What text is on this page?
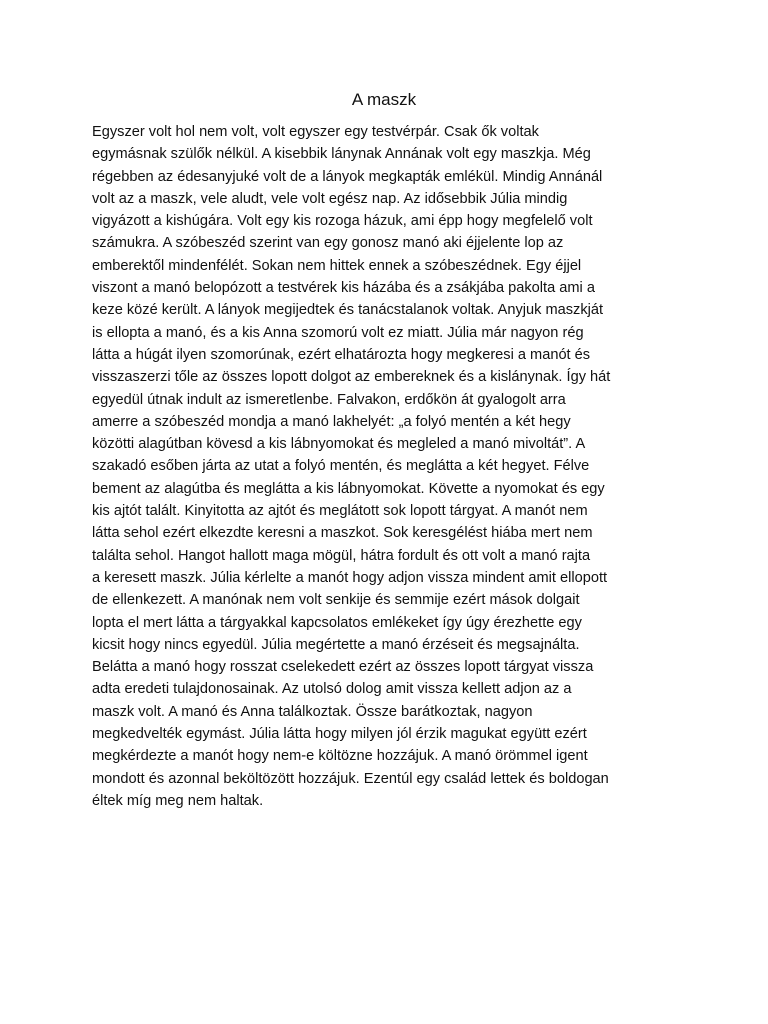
A maszk
Egyszer volt hol nem volt, volt egyszer egy testvérpár. Csak ők voltak
egymásnak szülők nélkül. A kisebbik lánynak Annának volt egy maszkja. Még
régebben az édesanyjuké volt de a lányok megkapták emlékül. Mindig Annánál
volt az a maszk, vele aludt, vele volt egész nap. Az idősebbik Júlia mindig
vigyázott a kishúgára. Volt egy kis rozoga házuk, ami épp hogy megfelelő volt
számukra. A szóbeszéd szerint van egy gonosz manó aki éjjelente lop az
emberektől mindenfélét. Sokan nem hittek ennek a szóbeszédnek. Egy éjjel
viszont a manó belopózott a testvérek kis házába és a zsákjába pakolta ami a
keze közé került. A lányok megijedtek és tanácstalanok voltak. Anyjuk maszkját
is ellopta a manó, és a kis Anna szomorú volt ez miatt. Júlia már nagyon rég
látta a húgát ilyen szomorúnak, ezért elhatározta hogy megkeresi a manót és
visszaszerzi tőle az összes lopott dolgot az embereknek és a kislánynak. Így hát
egyedül útnak indult az ismeretlenbe. Falvakon, erdőkön át gyalogolt arra
amerre a szóbeszéd mondja a manó lakhelyét: „a folyó mentén a két hegy
közötti alagútban kövesd a kis lábnyomokat és megleled a manó mivoltát”. A
szakadó esőben járta az utat a folyó mentén, és meglátta a két hegyet. Félve
bement az alagútba és meglátta a kis lábnyomokat. Követte a nyomokat és egy
kis ajtót talált. Kinyitotta az ajtót és meglátott sok lopott tárgyat. A manót nem
látta sehol ezért elkezdte keresni a maszkot. Sok keresgélést hiába mert nem
találta sehol. Hangot hallott maga mögül, hátra fordult és ott volt a manó rajta
a keresett maszk. Júlia kérlelte a manót hogy adjon vissza mindent amit ellopott
de ellenkezett. A manónak nem volt senkije és semmije ezért mások dolgait
lopta el mert látta a tárgyakkal kapcsolatos emlékeket így úgy érezhette egy
kicsit hogy nincs egyedül. Júlia megértette a manó érzéseit és megsajnálta.
Belátta a manó hogy rosszat cselekedett ezért az összes lopott tárgyat vissza
adta eredeti tulajdonosainak. Az utolsó dolog amit vissza kellett adjon az a
maszk volt. A manó és Anna találkoztak. Össze barátkoztak, nagyon
megkedvelték egymást. Júlia látta hogy milyen jól érzik magukat együtt ezért
megkérdezte a manót hogy nem-e költözne hozzájuk. A manó örömmel igent
mondott és azonnal beköltözött hozzájuk. Ezentúl egy család lettek és boldogan
éltek míg meg nem haltak.
